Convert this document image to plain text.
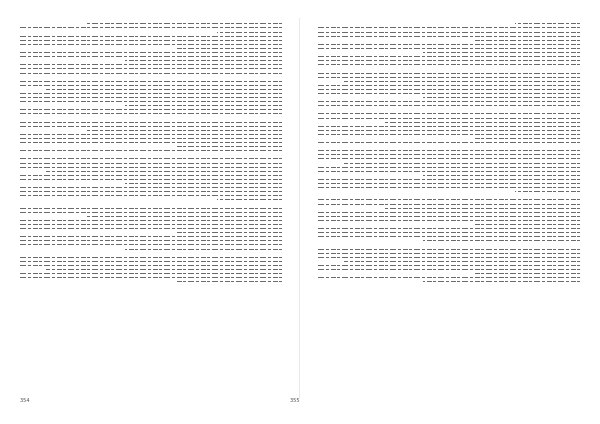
354	355
